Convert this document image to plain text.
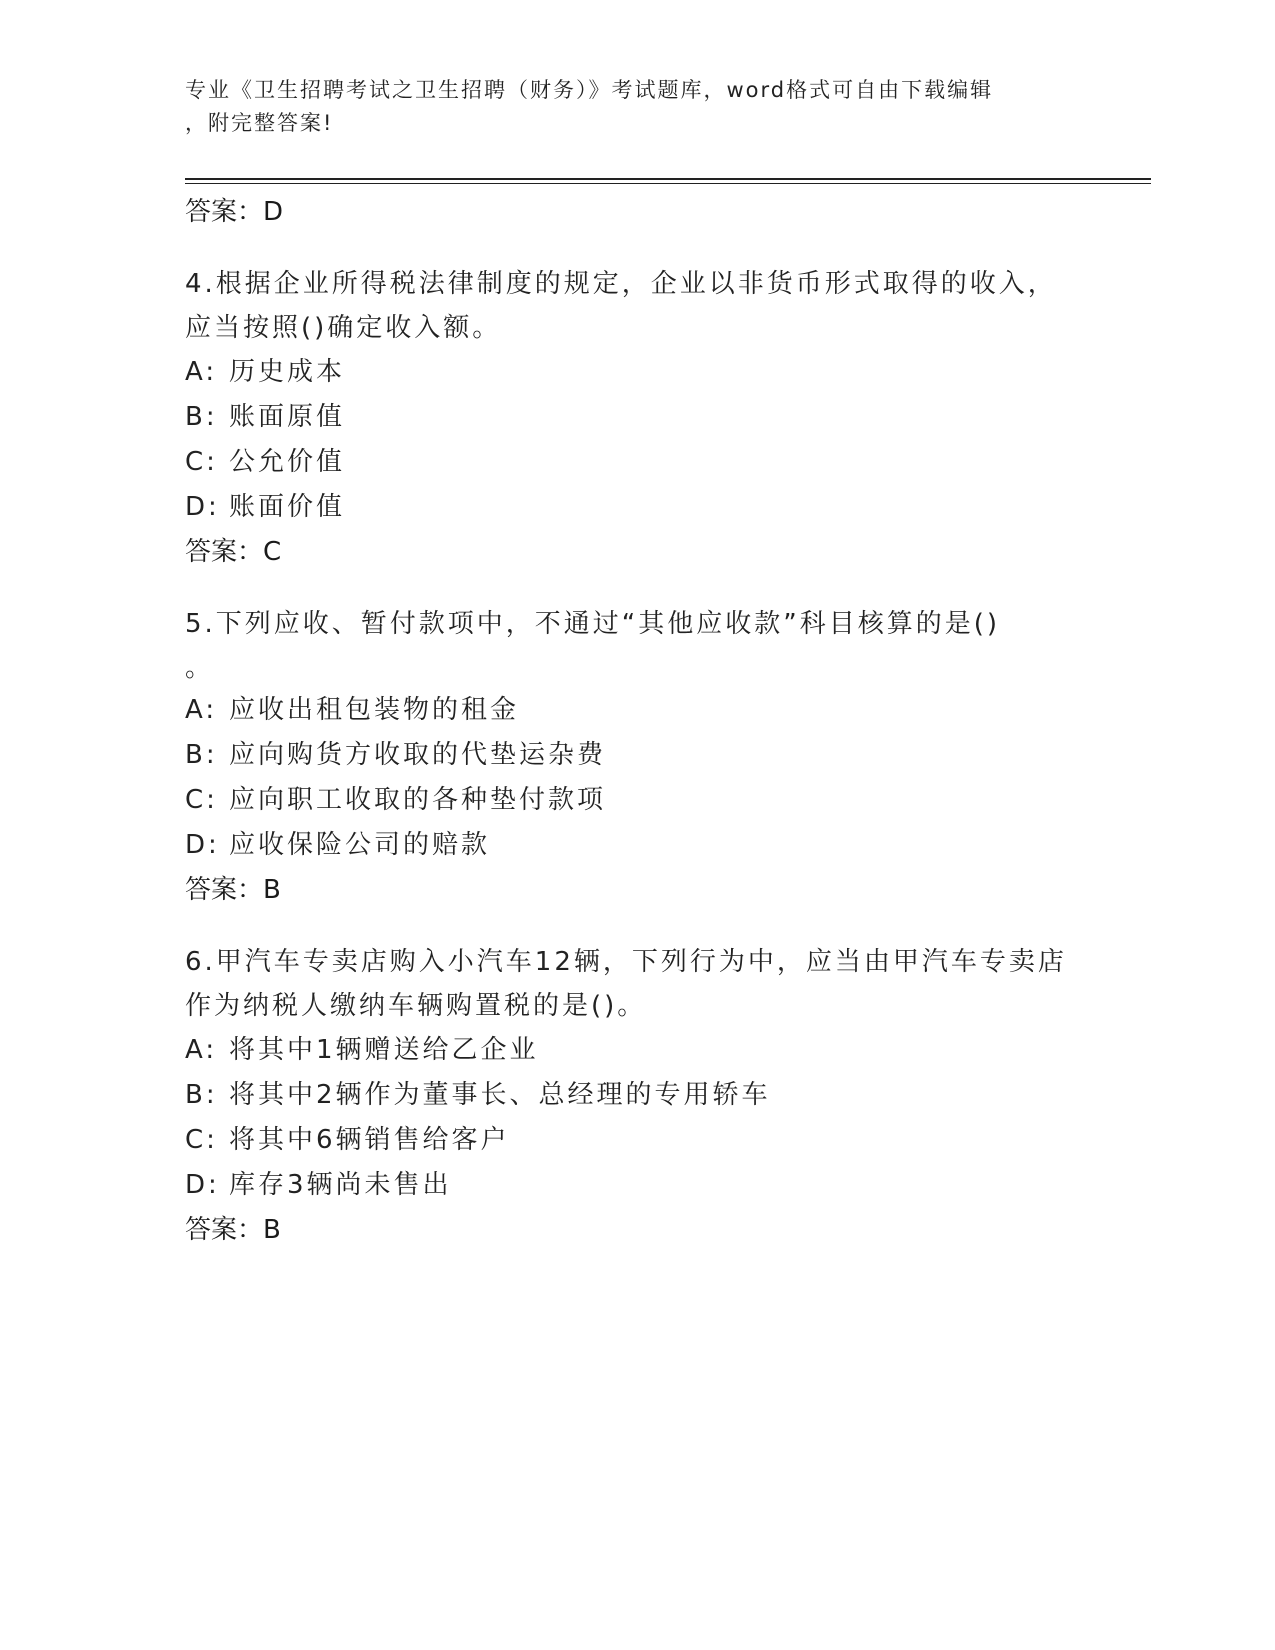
专业《卫生招聘考试之卫生招聘（财务）》考试题库，word格式可自由下载编辑
，附完整答案!
答案：D
4.根据企业所得税法律制度的规定，企业以非货币形式取得的收入，
应当按照()确定收入额。
A: 历史成本
B: 账面原值
C: 公允价值
D: 账面价值
答案：C
5.下列应收、暂付款项中，不通过“其他应收款”科目核算的是()
。
A: 应收出租包装物的租金
B: 应向购货方收取的代垫运杂费
C: 应向职工收取的各种垫付款项
D: 应收保险公司的赔款
答案：B
6.甲汽车专卖店购入小汽车12辆，下列行为中，应当由甲汽车专卖店
作为纳税人缴纳车辆购置税的是()。
A: 将其中1辆赠送给乙企业
B: 将其中2辆作为董事长、总经理的专用轿车
C: 将其中6辆销售给客户
D: 库存3辆尚未售出
答案：B
